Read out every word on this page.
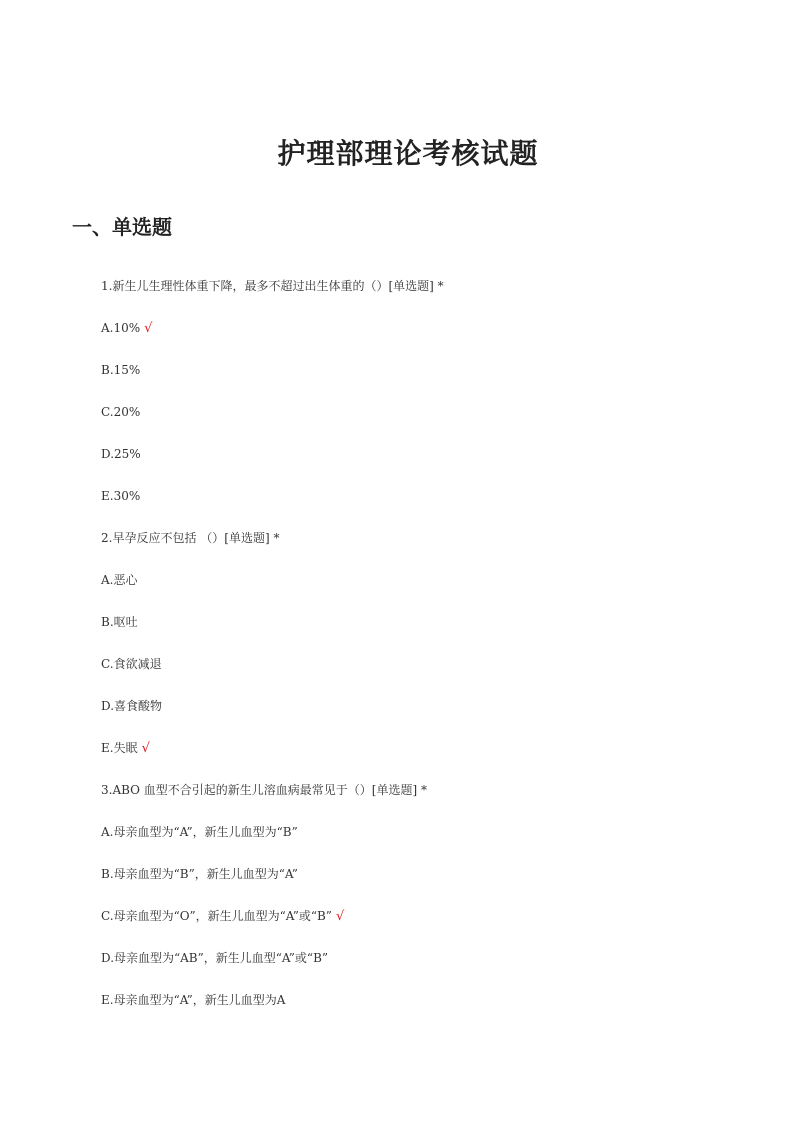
护理部理论考核试题
一、单选题
1.新生儿生理性体重下降，最多不超过出生体重的（）[单选题] *
A.10% √
B.15%
C.20%
D.25%
E.30%
2.早孕反应不包括 （）[单选题] *
A.恶心
B.呕吐
C.食欲减退
D.喜食酸物
E.失眠 √
3.ABO 血型不合引起的新生儿溶血病最常见于（）[单选题] *
A.母亲血型为“A”，新生儿血型为“B”
B.母亲血型为“B”，新生儿血型为“A”
C.母亲血型为“O”，新生儿血型为“A”或“B” √
D.母亲血型为“AB”，新生儿血型“A”或“B”
E.母亲血型为“A”，新生儿血型为A
